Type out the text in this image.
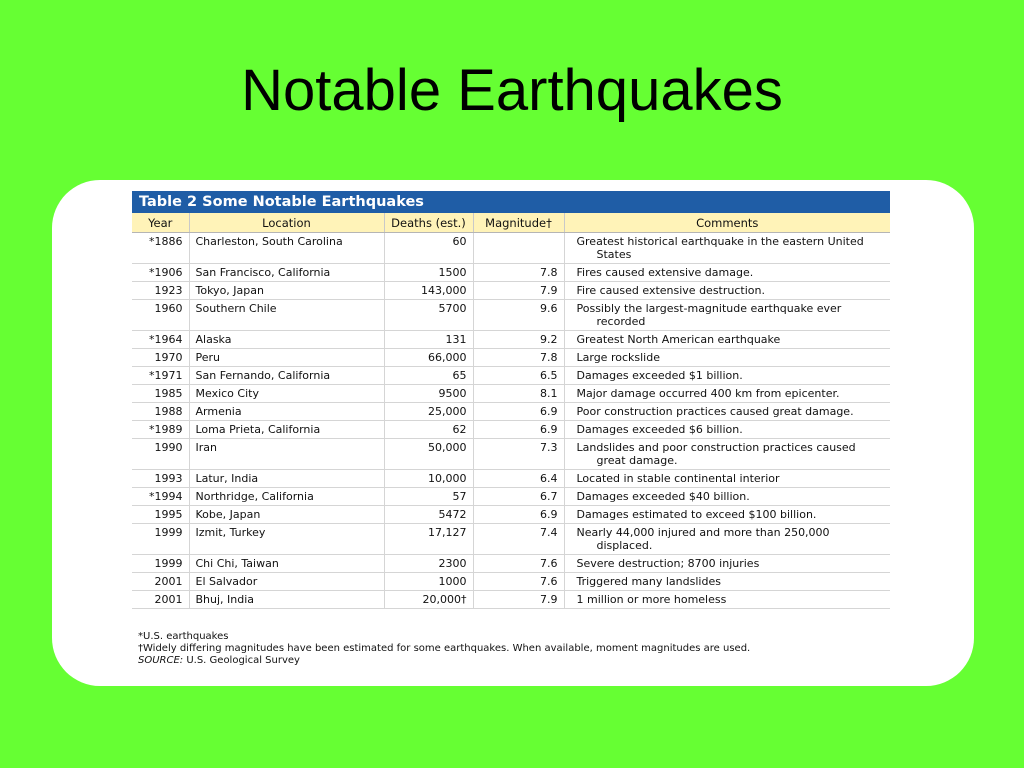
Notable Earthquakes
Table 2 Some Notable Earthquakes
Year	Location	Deaths (est.)	Magnitude†	Comments
*1886	Charleston, South Carolina	60		Greatest historical earthquake in the eastern United States
*1906	San Francisco, California	1500	7.8	Fires caused extensive damage.
1923	Tokyo, Japan	143,000	7.9	Fire caused extensive destruction.
1960	Southern Chile	5700	9.6	Possibly the largest-magnitude earthquake ever recorded
*1964	Alaska	131	9.2	Greatest North American earthquake
1970	Peru	66,000	7.8	Large rockslide
*1971	San Fernando, California	65	6.5	Damages exceeded $1 billion.
1985	Mexico City	9500	8.1	Major damage occurred 400 km from epicenter.
1988	Armenia	25,000	6.9	Poor construction practices caused great damage.
*1989	Loma Prieta, California	62	6.9	Damages exceeded $6 billion.
1990	Iran	50,000	7.3	Landslides and poor construction practices caused great damage.
1993	Latur, India	10,000	6.4	Located in stable continental interior
*1994	Northridge, California	57	6.7	Damages exceeded $40 billion.
1995	Kobe, Japan	5472	6.9	Damages estimated to exceed $100 billion.
1999	Izmit, Turkey	17,127	7.4	Nearly 44,000 injured and more than 250,000 displaced.
1999	Chi Chi, Taiwan	2300	7.6	Severe destruction; 8700 injuries
2001	El Salvador	1000	7.6	Triggered many landslides
2001	Bhuj, India	20,000†	7.9	1 million or more homeless
*U.S. earthquakes
†Widely differing magnitudes have been estimated for some earthquakes. When available, moment magnitudes are used.
SOURCE: U.S. Geological Survey
